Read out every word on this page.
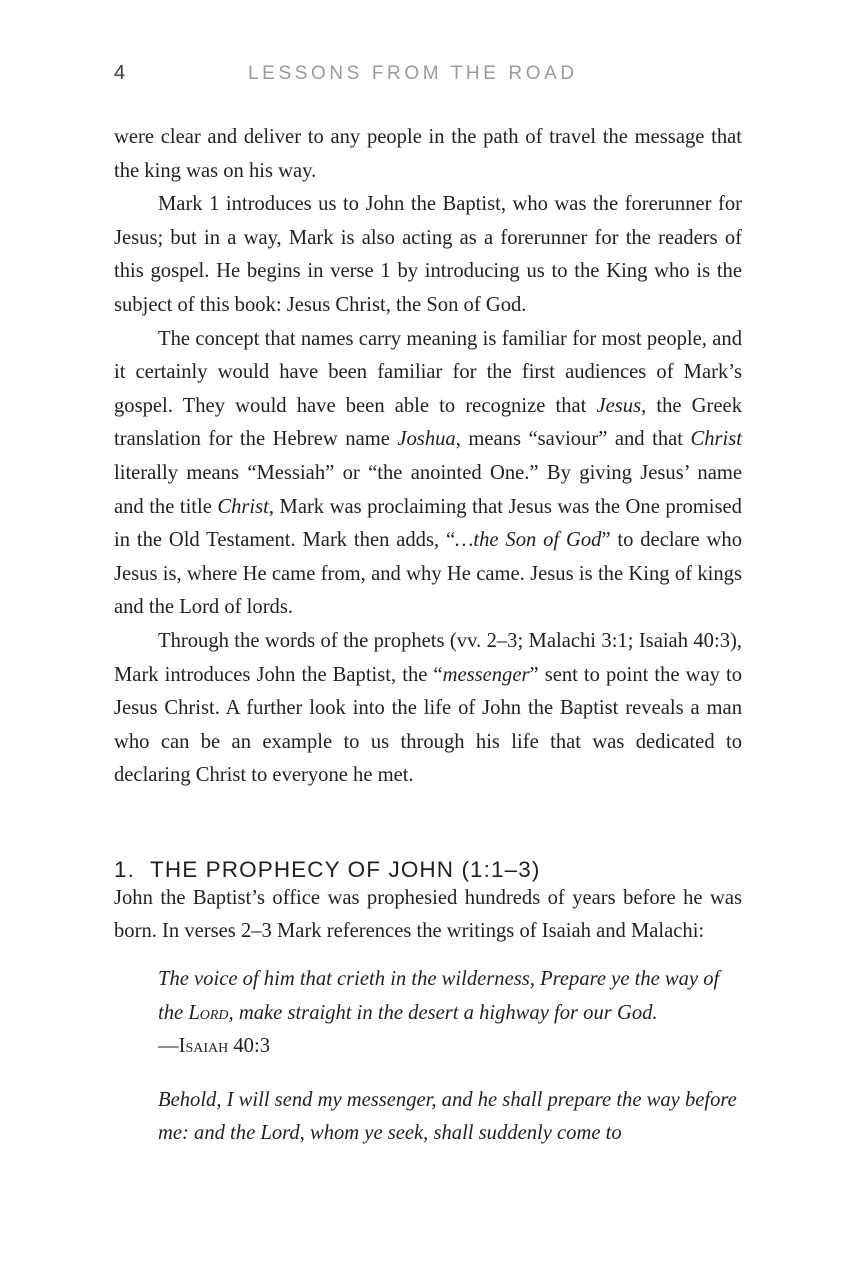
4	LESSONS FROM THE ROAD

were clear and deliver to any people in the path of travel the message that the king was on his way.

Mark 1 introduces us to John the Baptist, who was the forerunner for Jesus; but in a way, Mark is also acting as a forerunner for the readers of this gospel. He begins in verse 1 by introducing us to the King who is the subject of this book: Jesus Christ, the Son of God.

The concept that names carry meaning is familiar for most people, and it certainly would have been familiar for the first audiences of Mark’s gospel. They would have been able to recognize that Jesus, the Greek translation for the Hebrew name Joshua, means “saviour” and that Christ literally means “Messiah” or “the anointed One.” By giving Jesus’ name and the title Christ, Mark was proclaiming that Jesus was the One promised in the Old Testament. Mark then adds, “…the Son of God” to declare who Jesus is, where He came from, and why He came. Jesus is the King of kings and the Lord of lords.

Through the words of the prophets (vv. 2–3; Malachi 3:1; Isaiah 40:3), Mark introduces John the Baptist, the “messenger” sent to point the way to Jesus Christ. A further look into the life of John the Baptist reveals a man who can be an example to us through his life that was dedicated to declaring Christ to everyone he met.

1. THE PROPHECY OF JOHN (1:1–3)

John the Baptist’s office was prophesied hundreds of years before he was born. In verses 2–3 Mark references the writings of Isaiah and Malachi:

The voice of him that crieth in the wilderness, Prepare ye the way of the Lord, make straight in the desert a highway for our God.

—Isaiah 40:3

Behold, I will send my messenger, and he shall prepare the way before me: and the Lord, whom ye seek, shall suddenly come to
